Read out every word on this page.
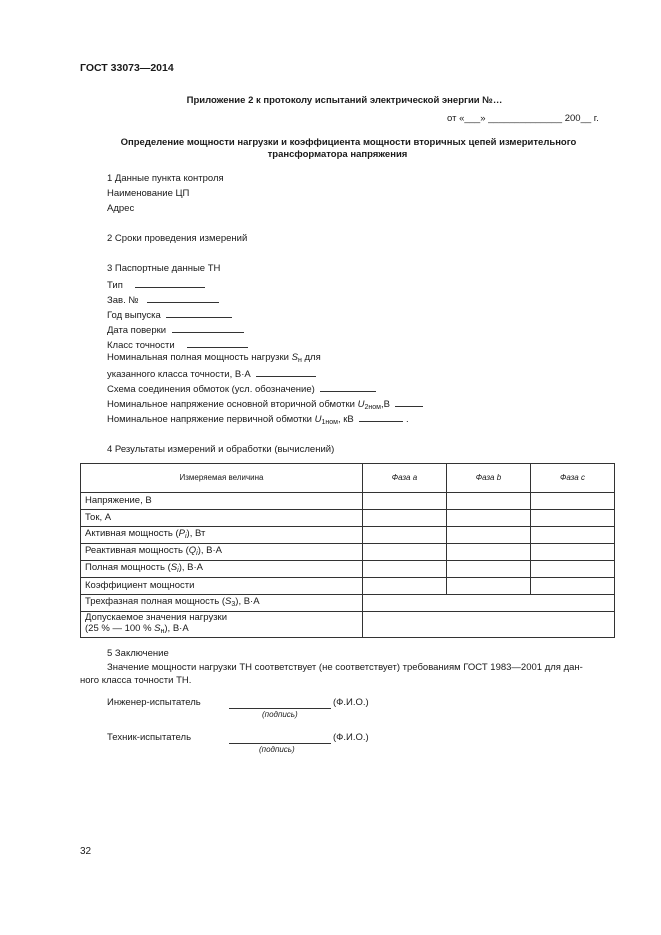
ГОСТ 33073—2014
Приложение 2 к протоколу испытаний электрической энергии №…
от «___» ______________ 200__ г.
Определение мощности нагрузки и коэффициента мощности вторичных цепей измерительного
трансформатора напряжения
1 Данные пункта контроля
Наименование ЦП
Адрес
2 Сроки проведения измерений
3 Паспортные данные ТН
Тип
Зав. №
Год выпуска
Дата поверки
Класс точности
Номинальная полная мощность нагрузки $S_н$ для
указанного класса точности, В·А
Схема соединения обмоток (усл. обозначение)
Номинальное напряжение основной вторичной обмотки $U_{2ном},В$
Номинальное напряжение первичной обмотки $U_{1ном}$, кВ	.
4 Результаты измерений и обработки (вычислений)
Измеряемая величина	Фаза a	Фаза b	Фаза c
Напряжение, В			
Ток, А			
Активная мощность $(P_i)$, Вт			
Реактивная мощность $(Q_i)$, В·А			
Полная мощность $(S_i)$, В·А			
Коэффициент мощности			
Трехфазная полная мощность $(S_3)$, В·А			
Допускаемое значения нагрузки
(25 % — 100 % $S_н$), В·А			
5 Заключение
Значение мощности нагрузки ТН соответствует (не соответствует) требованиям ГОСТ 1983—2001 для дан-
ного класса точности ТН.
Инженер-испытатель	(Ф.И.О.)
(подпись)
Техник-испытатель	(Ф.И.О.)
(подпись)
32
